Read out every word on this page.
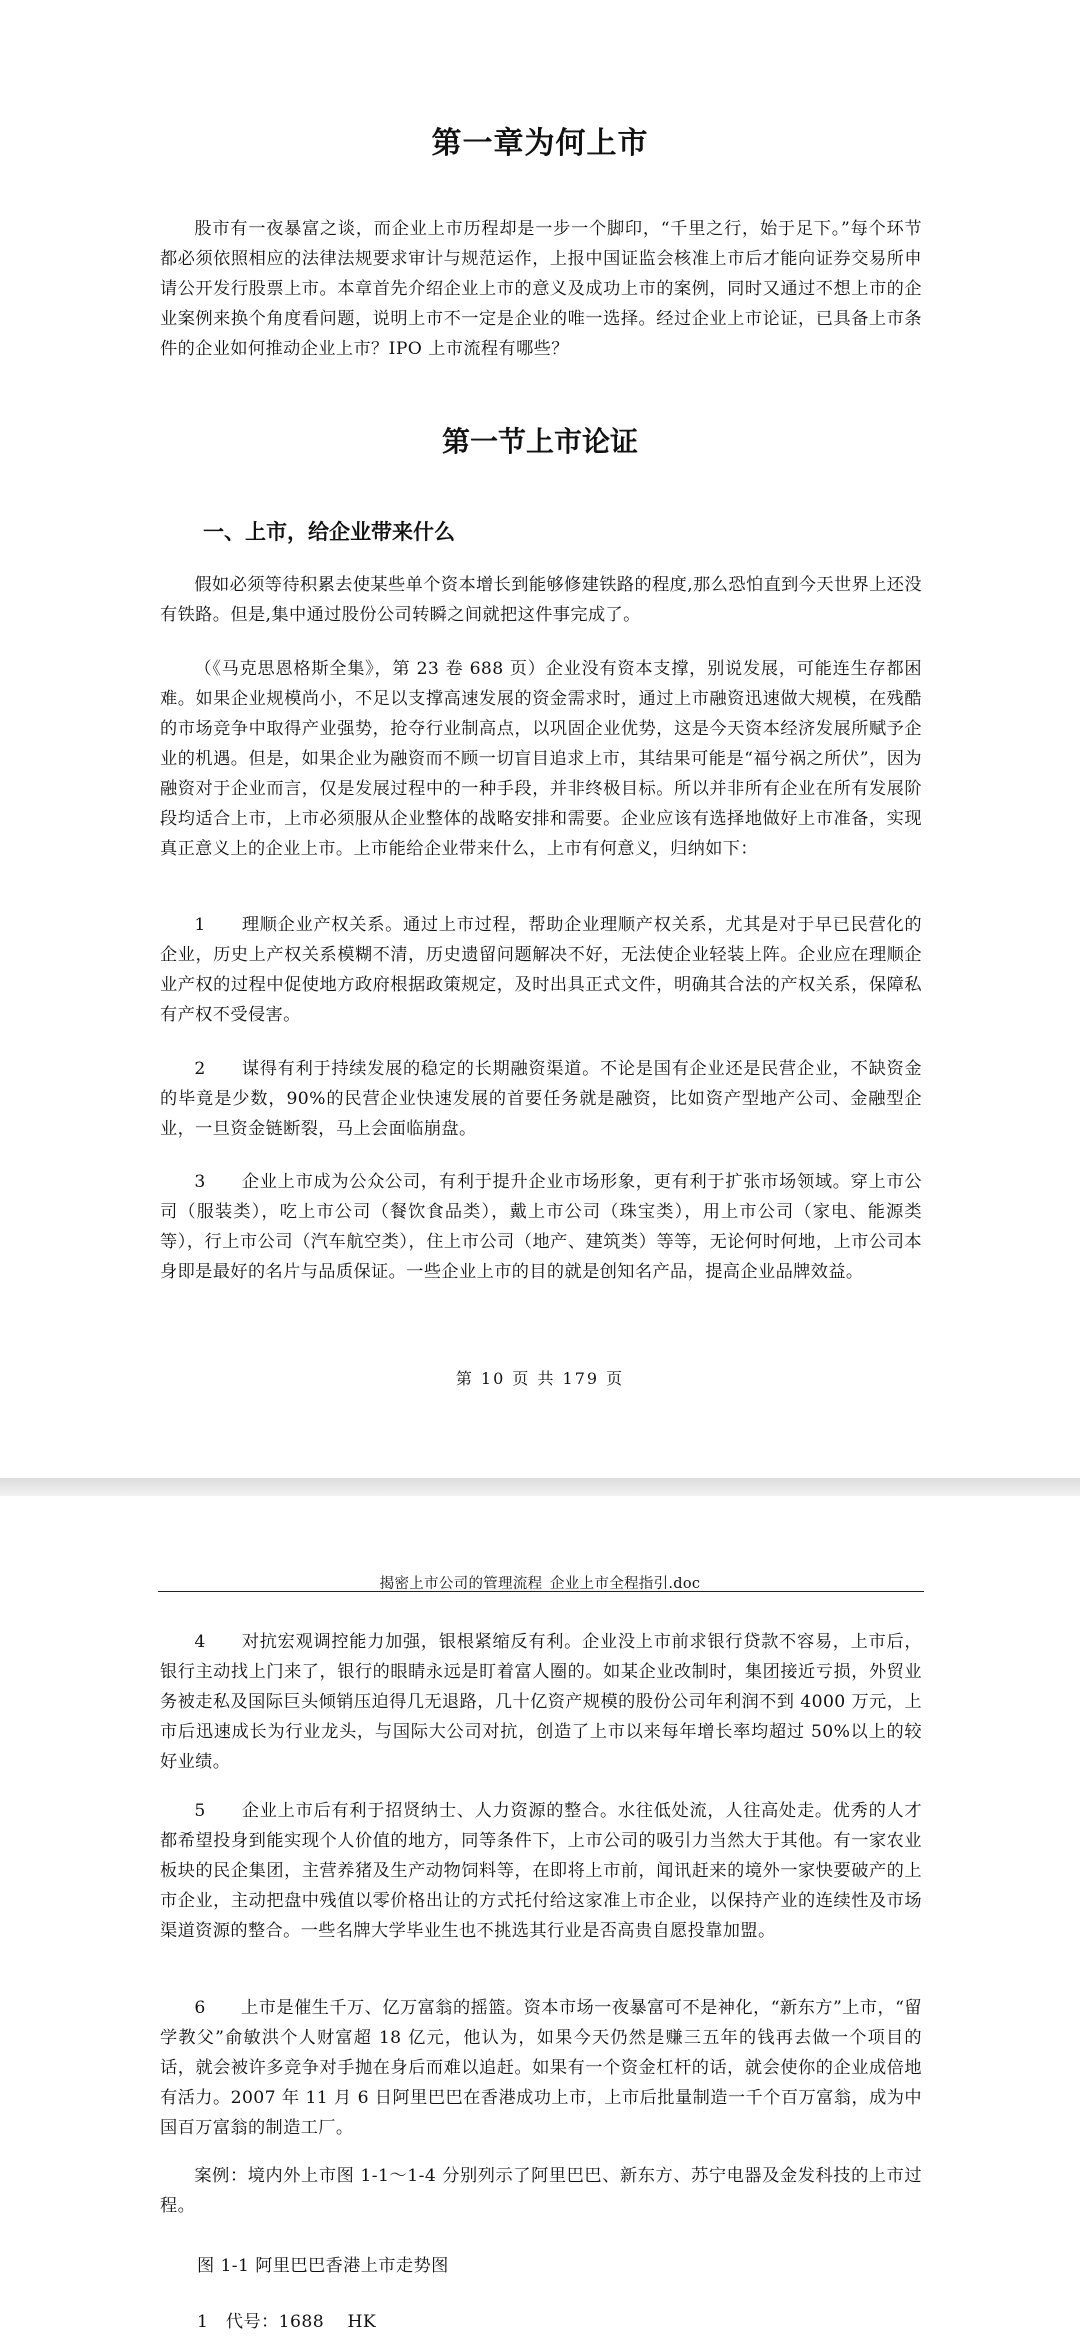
第一章为何上市

股市有一夜暴富之谈，而企业上市历程却是一步一个脚印，“千里之行，始于足下。”每个环节都必须依照相应的法律法规要求审计与规范运作，上报中国证监会核准上市后才能向证券交易所申请公开发行股票上市。本章首先介绍企业上市的意义及成功上市的案例，同时又通过不想上市的企业案例来换个角度看问题，说明上市不一定是企业的唯一选择。经过企业上市论证，已具备上市条件的企业如何推动企业上市？IPO 上市流程有哪些？

第一节上市论证
一、上市，给企业带来什么

假如必须等待积累去使某些单个资本增长到能够修建铁路的程度,那么恐怕直到今天世界上还没有铁路。但是,集中通过股份公司转瞬之间就把这件事完成了。

（《马克思恩格斯全集》，第 23 卷 688 页）企业没有资本支撑，别说发展，可能连生存都困难。如果企业规模尚小，不足以支撑高速发展的资金需求时，通过上市融资迅速做大规模，在残酷的市场竞争中取得产业强势，抢夺行业制高点，以巩固企业优势，这是今天资本经济发展所赋予企业的机遇。但是，如果企业为融资而不顾一切盲目追求上市，其结果可能是“福兮祸之所伏”，因为融资对于企业而言，仅是发展过程中的一种手段，并非终极目标。所以并非所有企业在所有发展阶段均适合上市，上市必须服从企业整体的战略安排和需要。企业应该有选择地做好上市准备，实现真正意义上的企业上市。上市能给企业带来什么，上市有何意义，归纳如下：

1　　理顺企业产权关系。通过上市过程，帮助企业理顺产权关系，尤其是对于早已民营化的企业，历史上产权关系模糊不清，历史遗留问题解决不好，无法使企业轻装上阵。企业应在理顺企业产权的过程中促使地方政府根据政策规定，及时出具正式文件，明确其合法的产权关系，保障私有产权不受侵害。

2　　谋得有利于持续发展的稳定的长期融资渠道。不论是国有企业还是民营企业，不缺资金的毕竟是少数，90%的民营企业快速发展的首要任务就是融资，比如资产型地产公司、金融型企业，一旦资金链断裂，马上会面临崩盘。

3　　企业上市成为公众公司，有利于提升企业市场形象，更有利于扩张市场领域。穿上市公司（服装类），吃上市公司（餐饮食品类），戴上市公司（珠宝类），用上市公司（家电、能源类等），行上市公司（汽车航空类），住上市公司（地产、建筑类）等等，无论何时何地，上市公司本身即是最好的名片与品质保证。一些企业上市的目的就是创知名产品，提高企业品牌效益。

第 10 页 共 179 页
揭密上市公司的管理流程_企业上市全程指引.doc

4　　对抗宏观调控能力加强，银根紧缩反有利。企业没上市前求银行贷款不容易，上市后，银行主动找上门来了，银行的眼睛永远是盯着富人圈的。如某企业改制时，集团接近亏损，外贸业务被走私及国际巨头倾销压迫得几无退路，几十亿资产规模的股份公司年利润不到 4000 万元，上市后迅速成长为行业龙头，与国际大公司对抗，创造了上市以来每年增长率均超过 50%以上的较好业绩。

5　　企业上市后有利于招贤纳士、人力资源的整合。水往低处流，人往高处走。优秀的人才都希望投身到能实现个人价值的地方，同等条件下，上市公司的吸引力当然大于其他。有一家农业板块的民企集团，主营养猪及生产动物饲料等，在即将上市前，闻讯赶来的境外一家快要破产的上市企业，主动把盘中残值以零价格出让的方式托付给这家准上市企业，以保持产业的连续性及市场渠道资源的整合。一些名牌大学毕业生也不挑选其行业是否高贵自愿投靠加盟。

6　　上市是催生千万、亿万富翁的摇篮。资本市场一夜暴富可不是神化，“新东方”上市，“留学教父”俞敏洪个人财富超 18 亿元，他认为，如果今天仍然是赚三五年的钱再去做一个项目的话，就会被许多竞争对手抛在身后而难以追赶。如果有一个资金杠杆的话，就会使你的企业成倍地有活力。2007 年 11 月 6 日阿里巴巴在香港成功上市，上市后批量制造一千个百万富翁，成为中国百万富翁的制造工厂。

案例：境内外上市图 1-1～1-4 分别列示了阿里巴巴、新东方、苏宁电器及金发科技的上市过程。

图 1-1 阿里巴巴香港上市走势图
1　代号：1688　 HK
